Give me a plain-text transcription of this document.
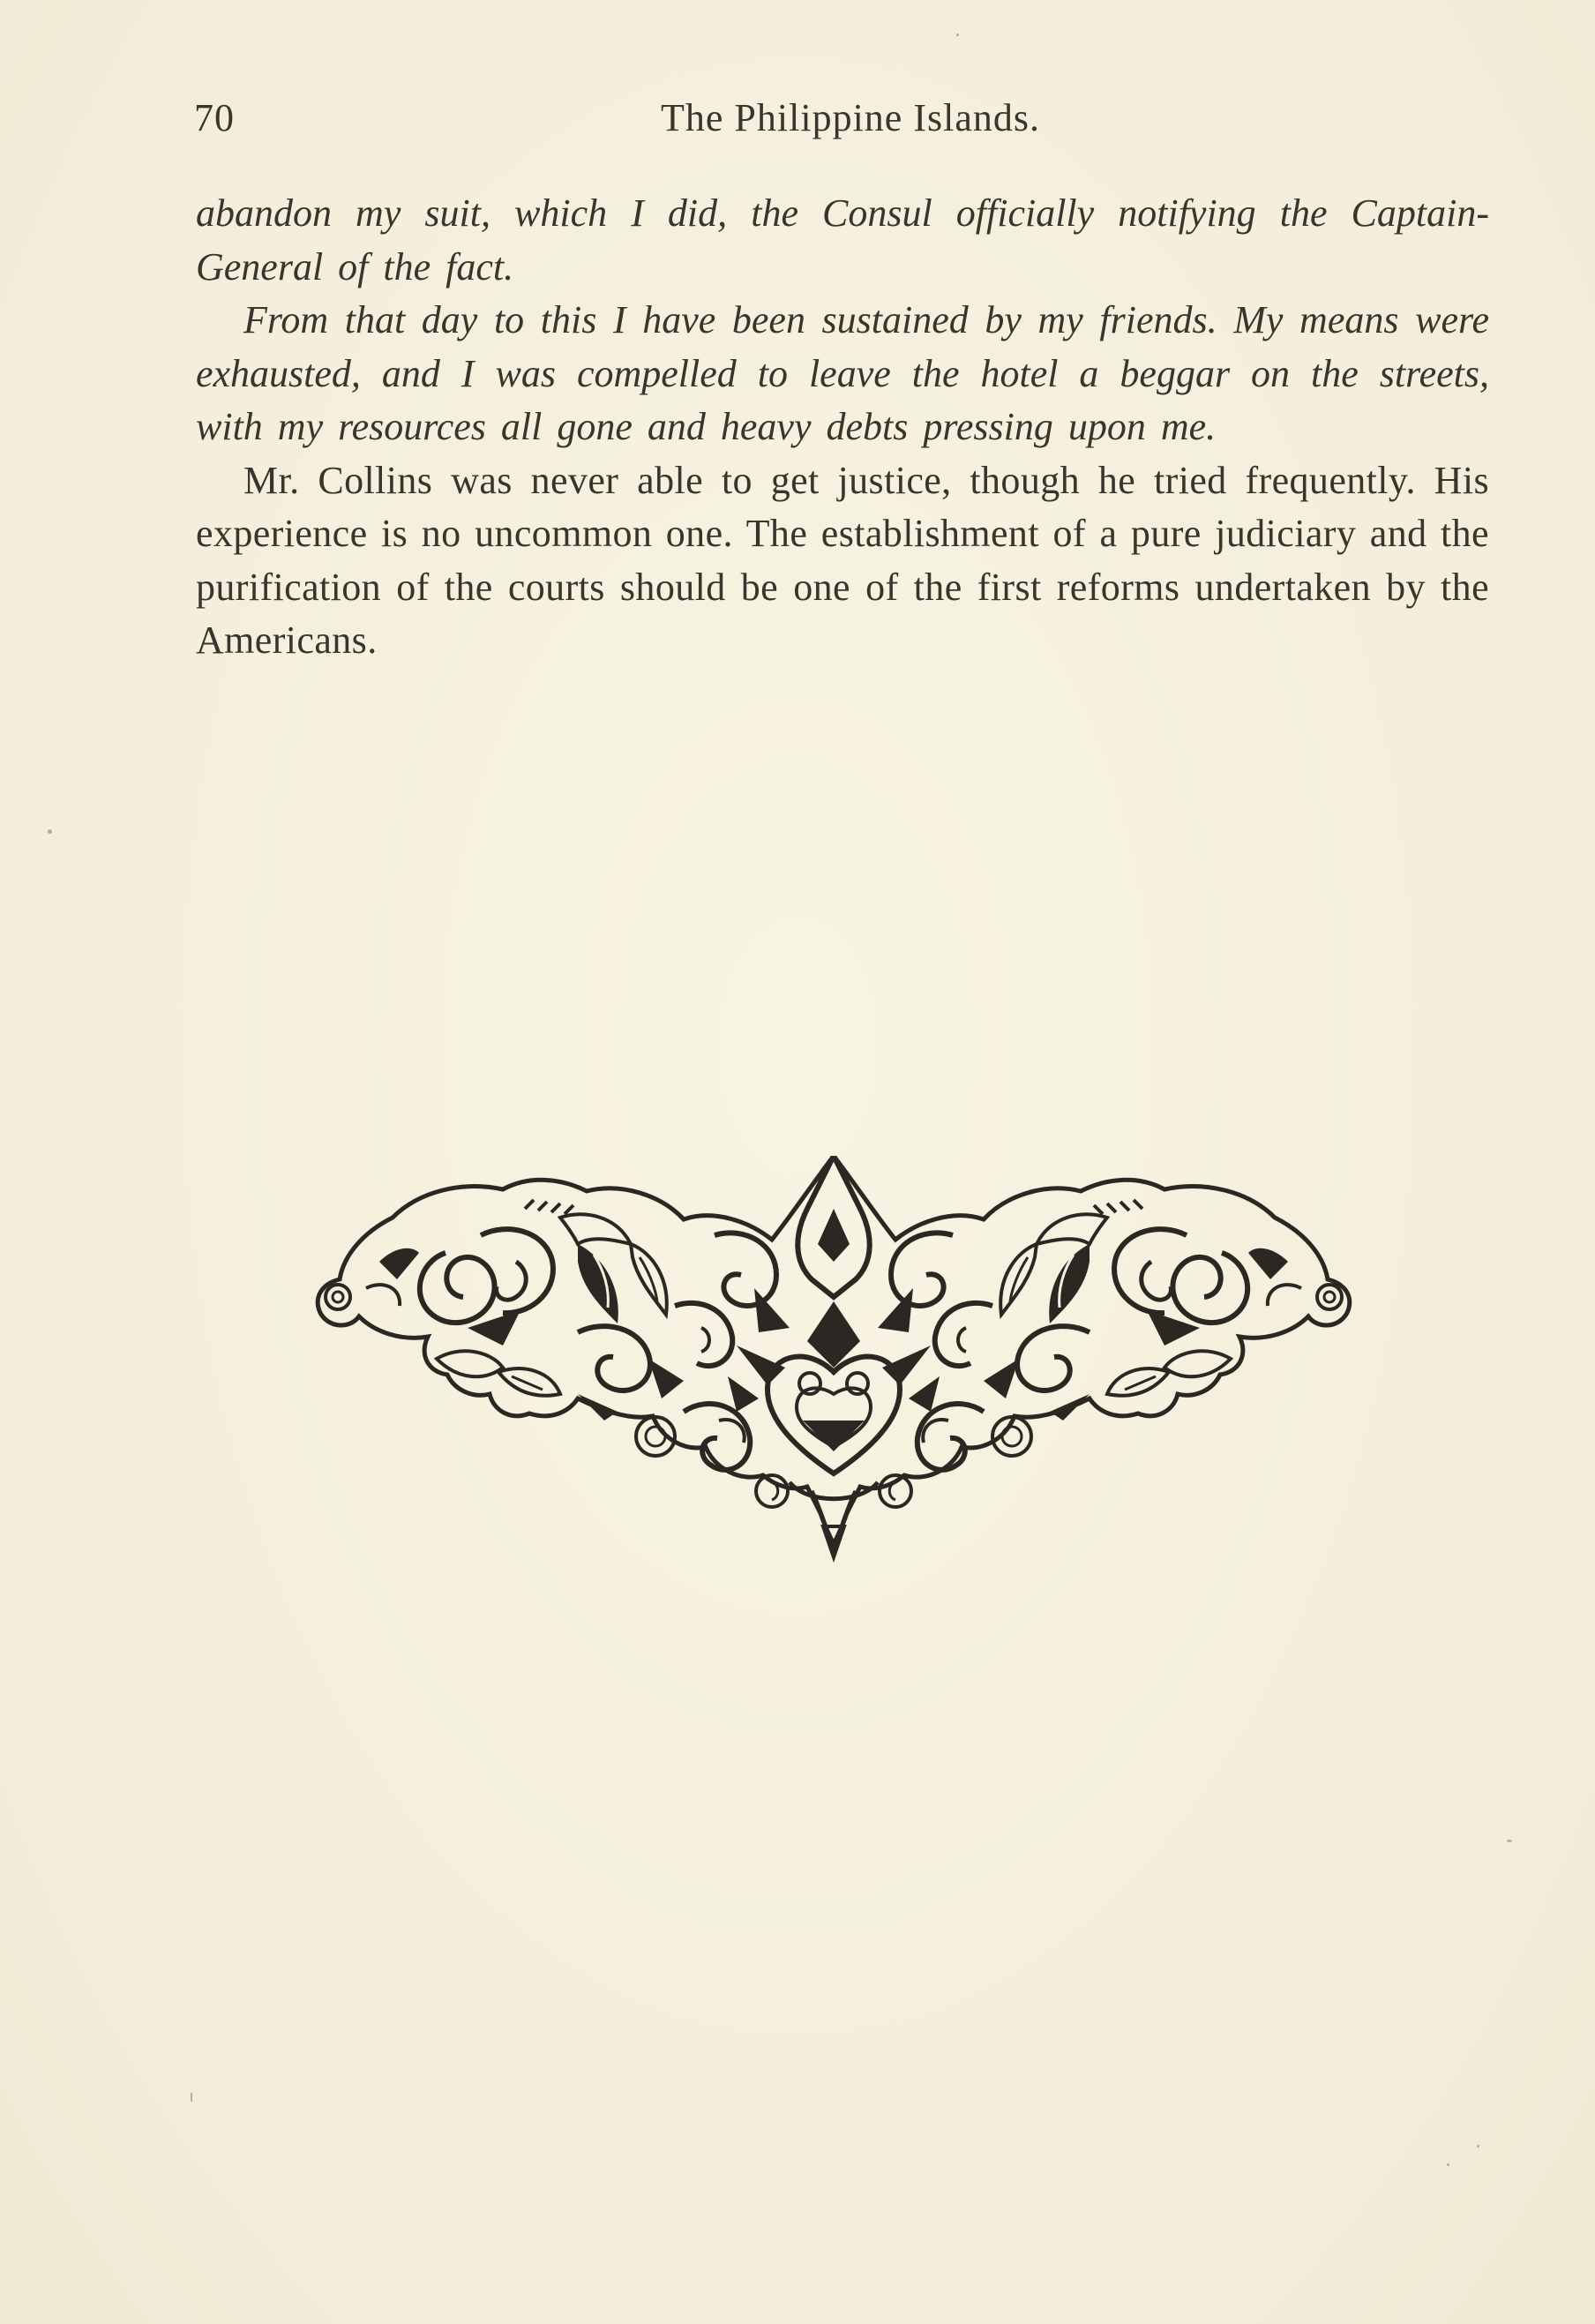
70	The Philippine Islands.

abandon my suit, which I did, the Consul officially notifying the Captain-General of the fact.

From that day to this I have been sustained by my friends. My means were exhausted, and I was compelled to leave the hotel a beggar on the streets, with my resources all gone and heavy debts pressing upon me.

Mr. Collins was never able to get justice, though he tried frequently. His experience is no uncommon one. The establishment of a pure judiciary and the purification of the courts should be one of the first reforms undertaken by the Americans.
